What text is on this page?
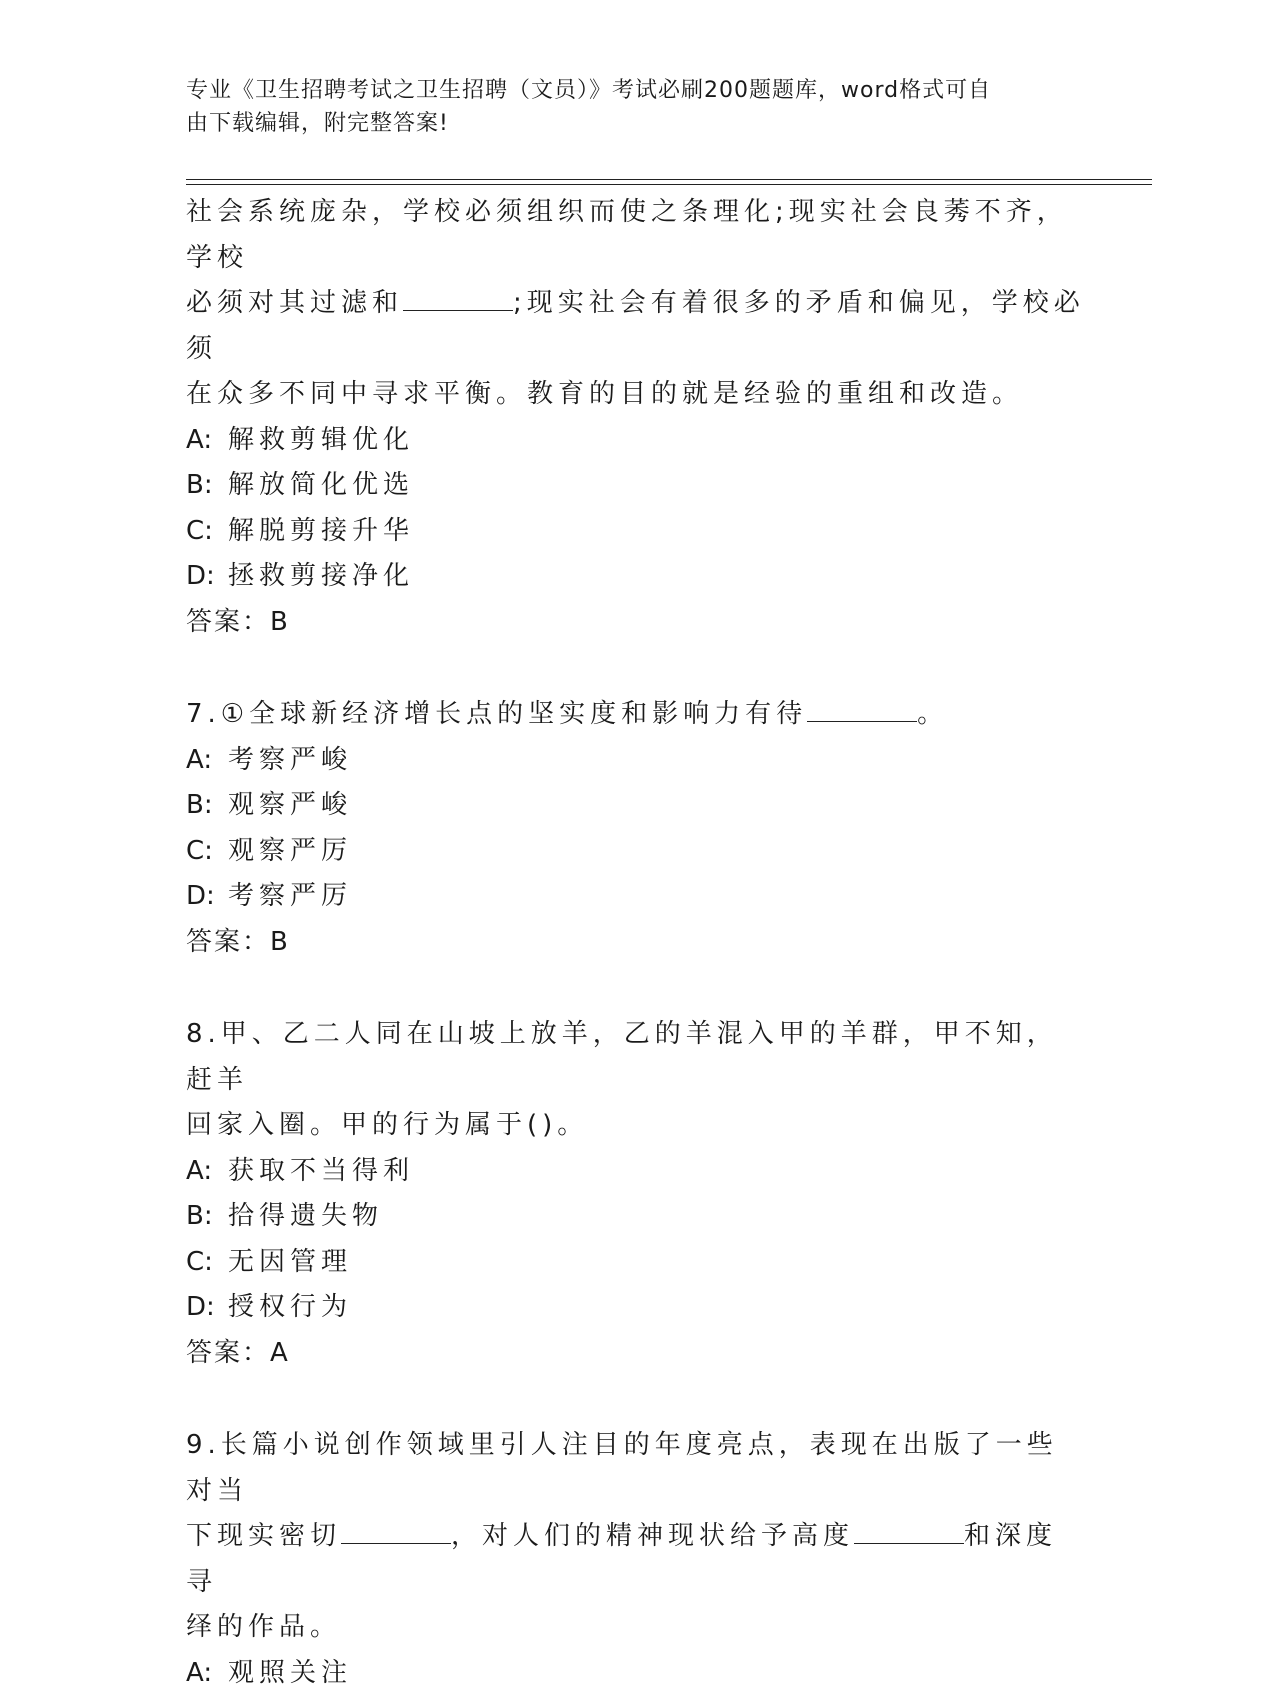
专业《卫生招聘考试之卫生招聘（文员）》考试必刷200题题库，word格式可自
由下载编辑，附完整答案!

社会系统庞杂，学校必须组织而使之条理化;现实社会良莠不齐，学校

必须对其过滤和	;现实社会有着很多的矛盾和偏见，学校必须

在众多不同中寻求平衡。教育的目的就是经验的重组和改造。

A: 解救剪辑优化

B: 解放简化优选

C: 解脱剪接升华

D: 拯救剪接净化

答案：B

7.①全球新经济增长点的坚实度和影响力有待	。

A: 考察严峻

B: 观察严峻

C: 观察严厉

D: 考察严厉

答案：B

8.甲、乙二人同在山坡上放羊，乙的羊混入甲的羊群，甲不知，赶羊

回家入圈。甲的行为属于()。

A: 获取不当得利

B: 拾得遗失物

C: 无因管理

D: 授权行为

答案：A

9.长篇小说创作领域里引人注目的年度亮点，表现在出版了一些对当

下现实密切	，对人们的精神现状给予高度	和深度寻

绎的作品。

A: 观照关注
